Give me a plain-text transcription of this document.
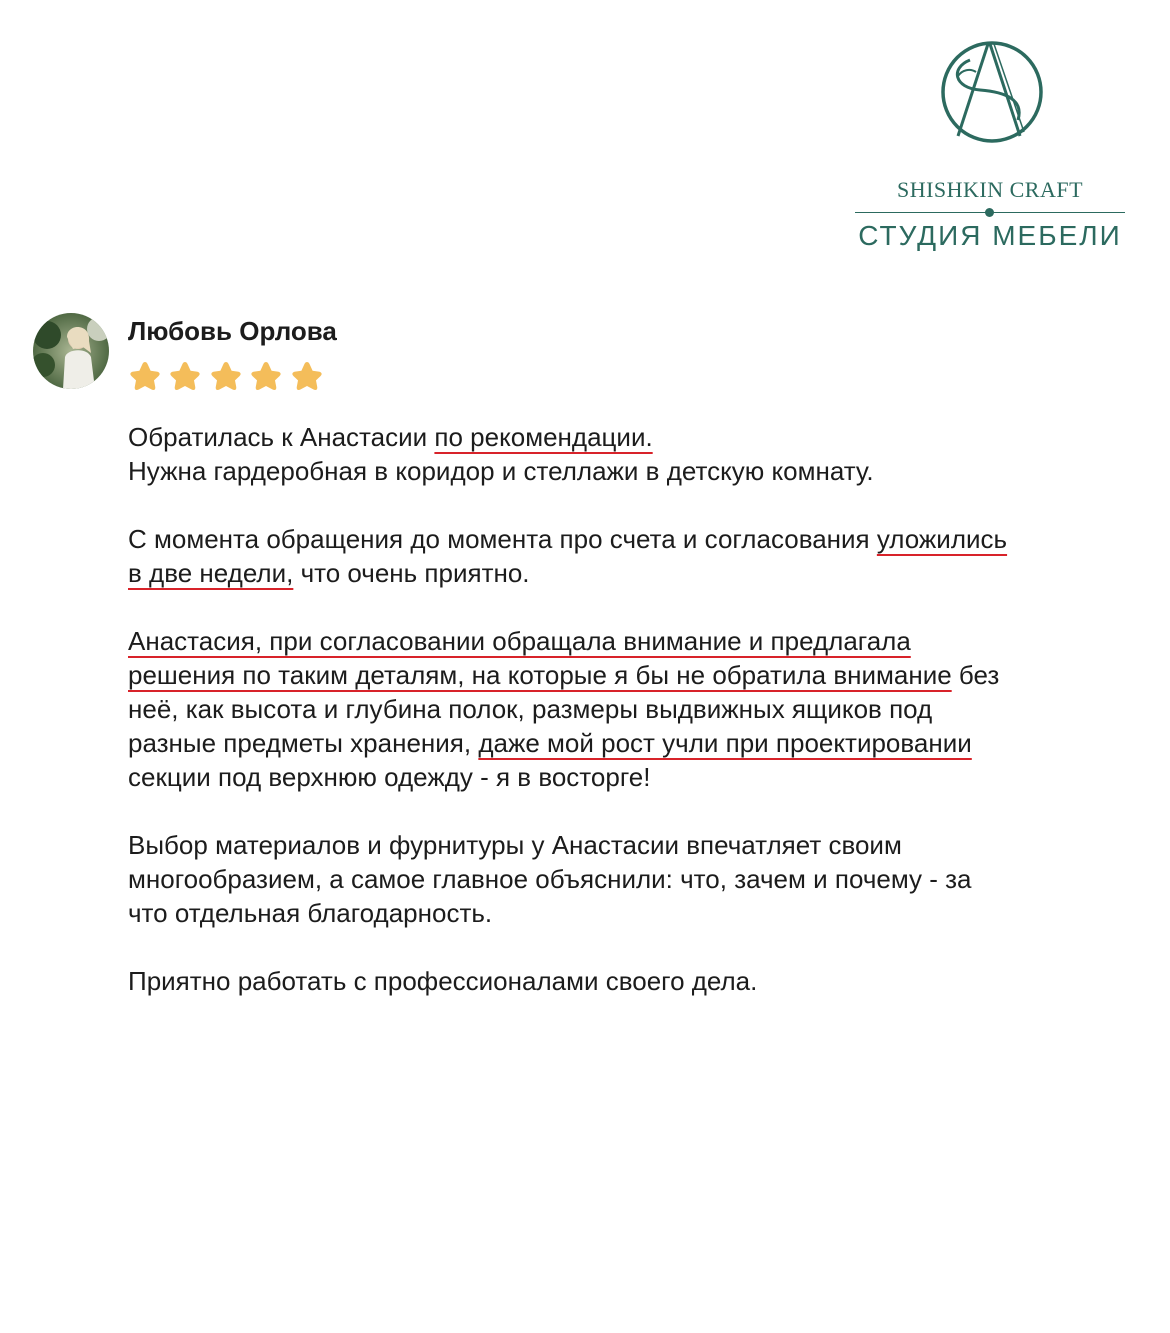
SHISHKIN CRAFT
СТУДИЯ МЕБЕЛИ
Любовь Орлова

Обратилась к Анастасии по рекомендации.

Нужна гардеробная в коридор и стеллажи в детскую комнату.

С момента обращения до момента про счета и согласования уложились

в две недели, что очень приятно.

Анастасия, при согласовании обращала внимание и предлагала

решения по таким деталям, на которые я бы не обратила внимание без

неё, как высота и глубина полок, размеры выдвижных ящиков под

разные предметы хранения, даже мой рост учли при проектировании

секции под верхнюю одежду - я в восторге!

Выбор материалов и фурнитуры у Анастасии впечатляет своим

многообразием, а самое главное объяснили: что, зачем и почему - за

что отдельная благодарность.

Приятно работать с профессионалами своего дела.
